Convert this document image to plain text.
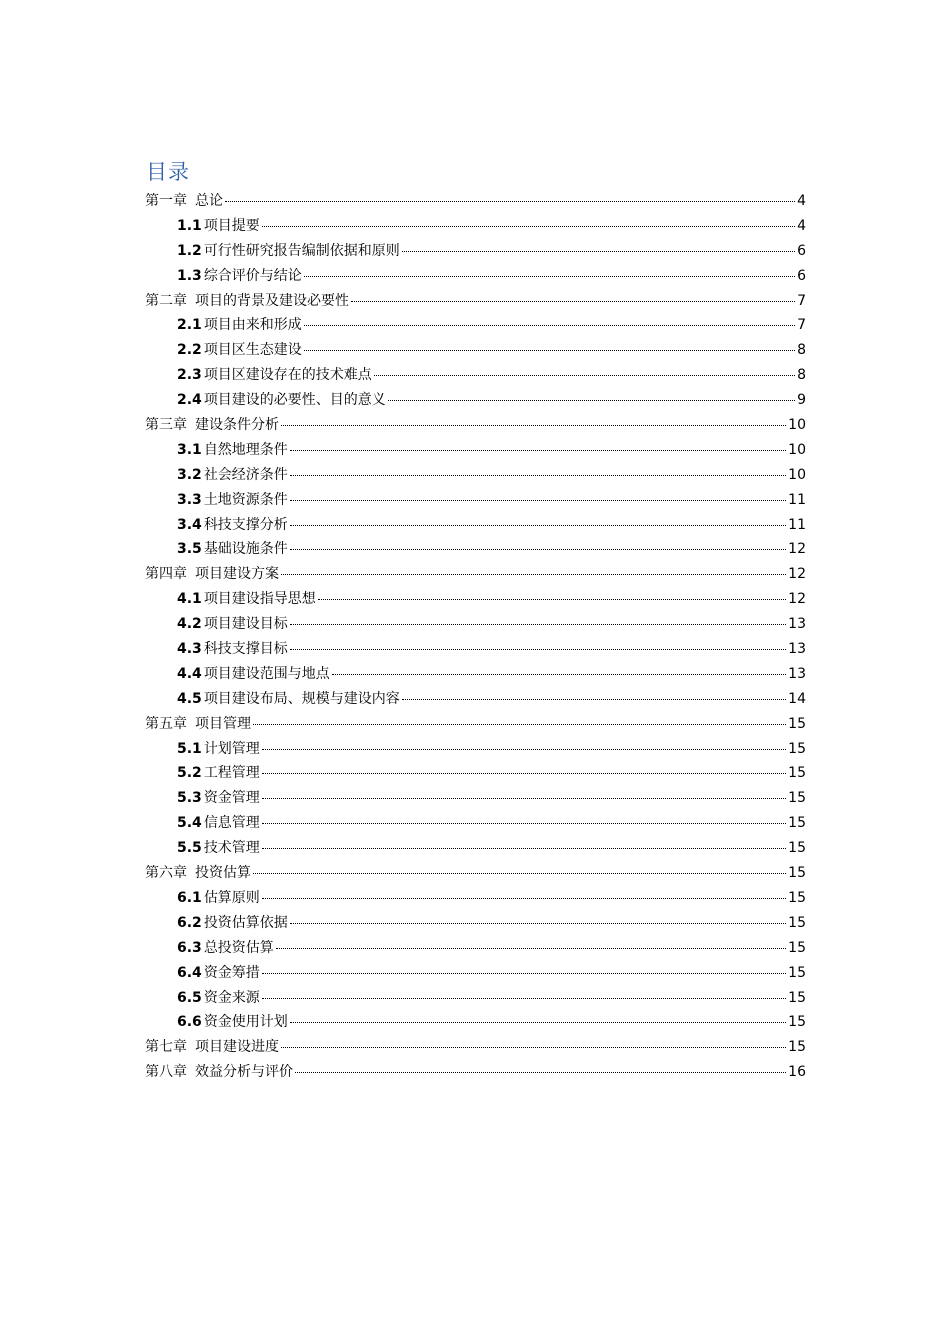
目录
第一章 总论	4
1.1 项目提要	4
1.2 可行性研究报告编制依据和原则	6
1.3 综合评价与结论	6
第二章 项目的背景及建设必要性	7
2.1 项目由来和形成	7
2.2 项目区生态建设	8
2.3 项目区建设存在的技术难点	8
2.4 项目建设的必要性、目的意义	9
第三章 建设条件分析	10
3.1 自然地理条件	10
3.2 社会经济条件	10
3.3 土地资源条件	11
3.4 科技支撑分析	11
3.5 基础设施条件	12
第四章 项目建设方案	12
4.1 项目建设指导思想	12
4.2 项目建设目标	13
4.3 科技支撑目标	13
4.4 项目建设范围与地点	13
4.5 项目建设布局、规模与建设内容	14
第五章 项目管理	15
5.1 计划管理	15
5.2 工程管理	15
5.3 资金管理	15
5.4 信息管理	15
5.5 技术管理	15
第六章 投资估算	15
6.1 估算原则	15
6.2 投资估算依据	15
6.3 总投资估算	15
6.4 资金筹措	15
6.5 资金来源	15
6.6 资金使用计划	15
第七章 项目建设进度	15
第八章 效益分析与评价	16
